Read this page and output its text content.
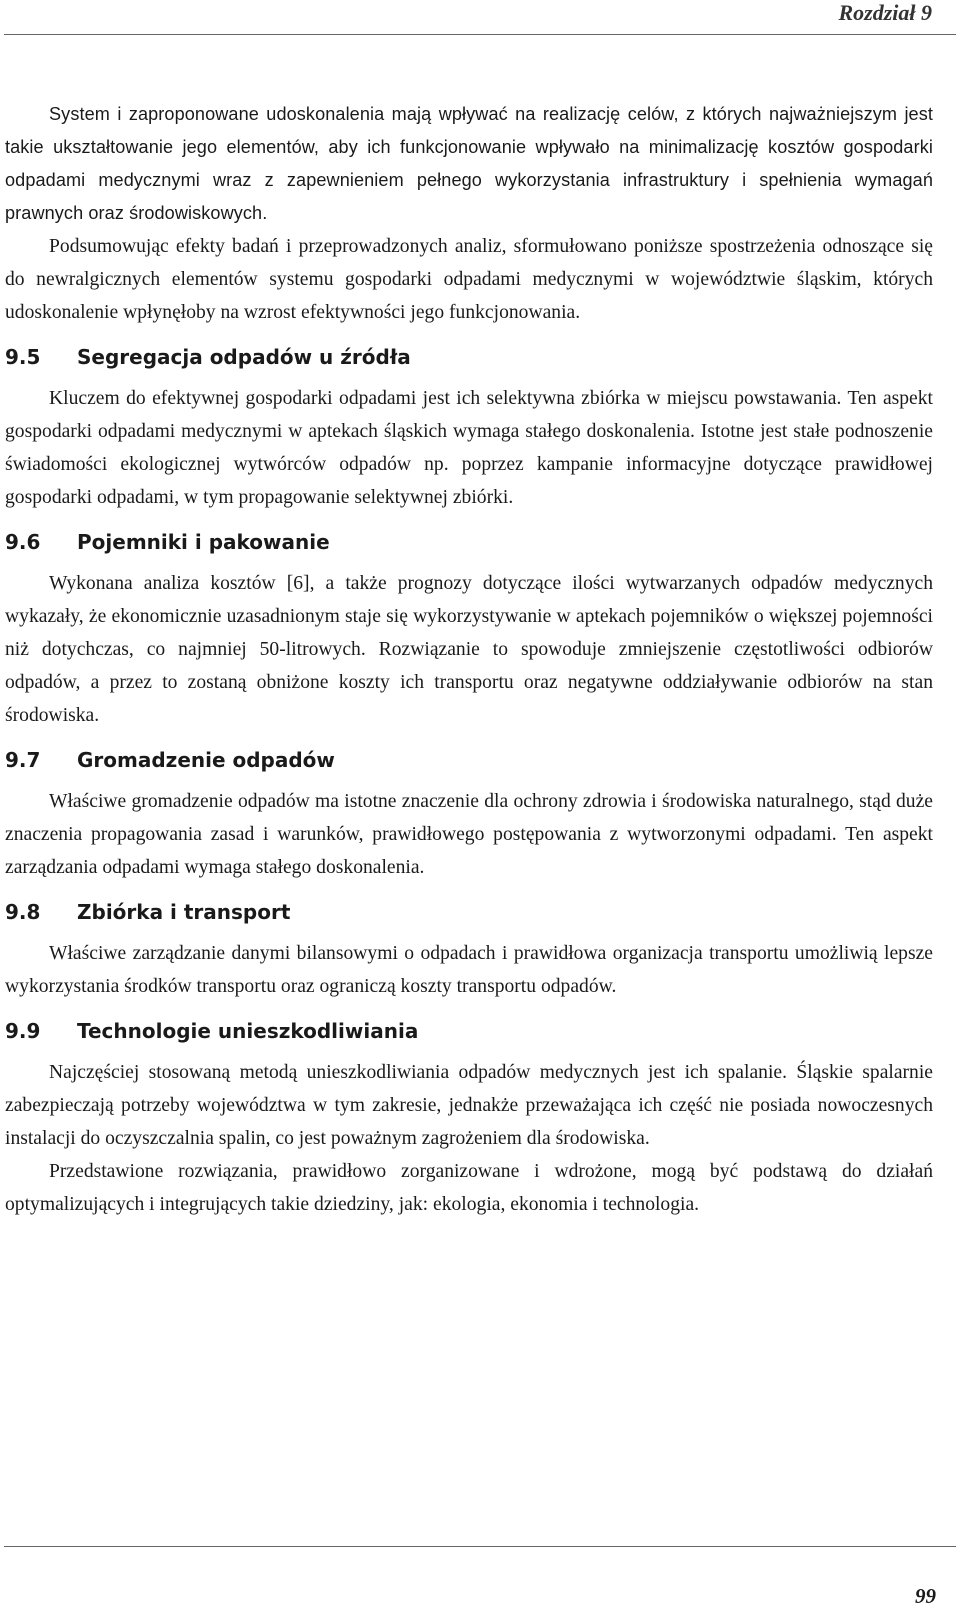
Rozdział 9

System i zaproponowane udoskonalenia mają wpływać na realizację celów, z których najważniejszym jest takie ukształtowanie jego elementów, aby ich funkcjonowanie wpływało na minimalizację kosztów gospodarki odpadami medycznymi wraz z zapewnieniem pełnego wykorzystania infrastruktury i spełnienia wymagań prawnych oraz środowiskowych.

Podsumowując efekty badań i przeprowadzonych analiz, sformułowano poniższe spostrzeżenia odnoszące się do newralgicznych elementów systemu gospodarki odpadami medycznymi w województwie śląskim, których udoskonalenie wpłynęłoby na wzrost efektywności jego funkcjonowania.

9.5 Segregacja odpadów u źródła

Kluczem do efektywnej gospodarki odpadami jest ich selektywna zbiórka w miejscu powstawania. Ten aspekt gospodarki odpadami medycznymi w aptekach śląskich wymaga stałego doskonalenia. Istotne jest stałe podnoszenie świadomości ekologicznej wytwórców odpadów np. poprzez kampanie informacyjne dotyczące prawidłowej gospodarki odpadami, w tym propagowanie selektywnej zbiórki.

9.6 Pojemniki i pakowanie

Wykonana analiza kosztów [6], a także prognozy dotyczące ilości wytwarzanych odpadów medycznych wykazały, że ekonomicznie uzasadnionym staje się wykorzystywanie w aptekach pojemników o większej pojemności niż dotychczas, co najmniej 50-litrowych. Rozwiązanie to spowoduje zmniejszenie częstotliwości odbiorów odpadów, a przez to zostaną obniżone koszty ich transportu oraz negatywne oddziaływanie odbiorów na stan środowiska.

9.7 Gromadzenie odpadów

Właściwe gromadzenie odpadów ma istotne znaczenie dla ochrony zdrowia i środowiska naturalnego, stąd duże znaczenia propagowania zasad i warunków, prawidłowego postępowania z wytworzonymi odpadami. Ten aspekt zarządzania odpadami wymaga stałego doskonalenia.

9.8 Zbiórka i transport

Właściwe zarządzanie danymi bilansowymi o odpadach i prawidłowa organizacja transportu umożliwią lepsze wykorzystania środków transportu oraz ograniczą koszty transportu odpadów.

9.9 Technologie unieszkodliwiania

Najczęściej stosowaną metodą unieszkodliwiania odpadów medycznych jest ich spalanie. Śląskie spalarnie zabezpieczają potrzeby województwa w tym zakresie, jednakże przeważająca ich część nie posiada nowoczesnych instalacji do oczyszczalnia spalin, co jest poważnym zagrożeniem dla środowiska.

Przedstawione rozwiązania, prawidłowo zorganizowane i wdrożone, mogą być podstawą do działań optymalizujących i integrujących takie dziedziny, jak: ekologia, ekonomia i technologia.

99
